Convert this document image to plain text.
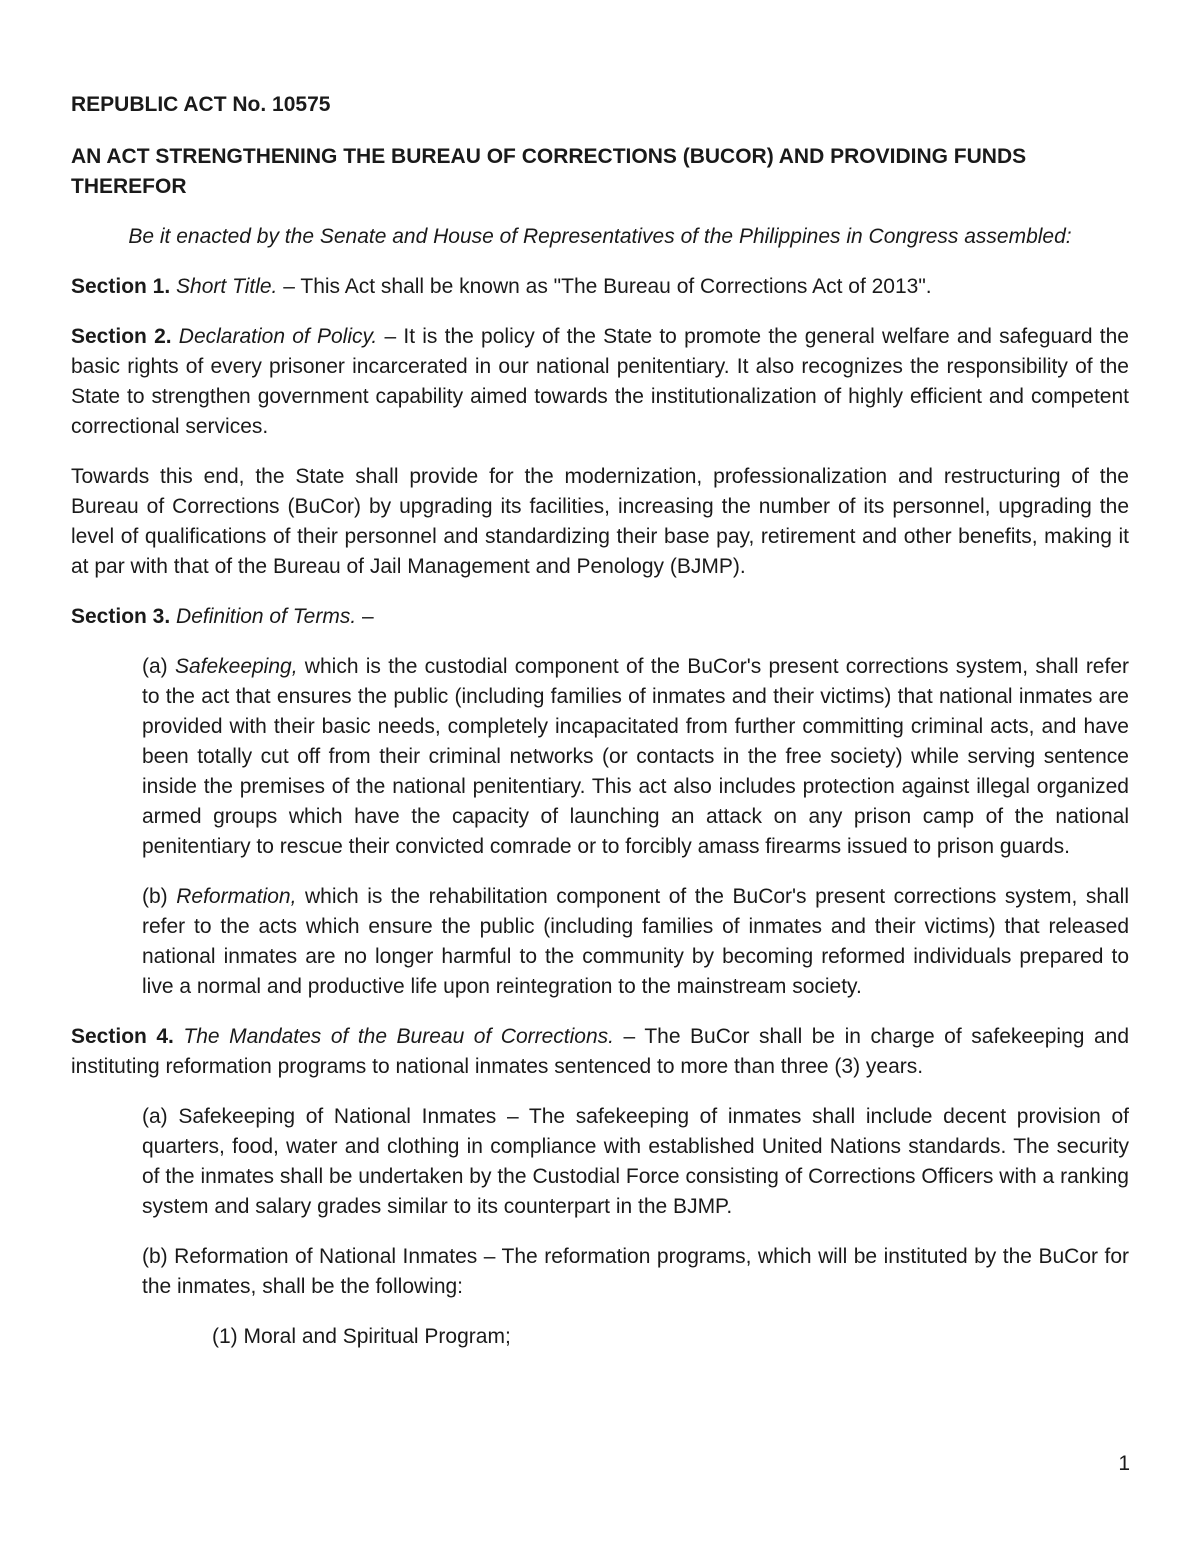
REPUBLIC ACT No. 10575

AN ACT STRENGTHENING THE BUREAU OF CORRECTIONS (BUCOR) AND PROVIDING FUNDS THEREFOR

Be it enacted by the Senate and House of Representatives of the Philippines in Congress assembled:

Section 1. Short Title. – This Act shall be known as "The Bureau of Corrections Act of 2013".

Section 2. Declaration of Policy. – It is the policy of the State to promote the general welfare and safeguard the basic rights of every prisoner incarcerated in our national penitentiary. It also recognizes the responsibility of the State to strengthen government capability aimed towards the institutionalization of highly efficient and competent correctional services.

Towards this end, the State shall provide for the modernization, professionalization and restructuring of the Bureau of Corrections (BuCor) by upgrading its facilities, increasing the number of its personnel, upgrading the level of qualifications of their personnel and standardizing their base pay, retirement and other benefits, making it at par with that of the Bureau of Jail Management and Penology (BJMP).

Section 3. Definition of Terms. –

(a) Safekeeping, which is the custodial component of the BuCor's present corrections system, shall refer to the act that ensures the public (including families of inmates and their victims) that national inmates are provided with their basic needs, completely incapacitated from further committing criminal acts, and have been totally cut off from their criminal networks (or contacts in the free society) while serving sentence inside the premises of the national penitentiary. This act also includes protection against illegal organized armed groups which have the capacity of launching an attack on any prison camp of the national penitentiary to rescue their convicted comrade or to forcibly amass firearms issued to prison guards.

(b) Reformation, which is the rehabilitation component of the BuCor's present corrections system, shall refer to the acts which ensure the public (including families of inmates and their victims) that released national inmates are no longer harmful to the community by becoming reformed individuals prepared to live a normal and productive life upon reintegration to the mainstream society.

Section 4. The Mandates of the Bureau of Corrections. – The BuCor shall be in charge of safekeeping and instituting reformation programs to national inmates sentenced to more than three (3) years.

(a) Safekeeping of National Inmates – The safekeeping of inmates shall include decent provision of quarters, food, water and clothing in compliance with established United Nations standards. The security of the inmates shall be undertaken by the Custodial Force consisting of Corrections Officers with a ranking system and salary grades similar to its counterpart in the BJMP.

(b) Reformation of National Inmates – The reformation programs, which will be instituted by the BuCor for the inmates, shall be the following:

(1) Moral and Spiritual Program;

1
